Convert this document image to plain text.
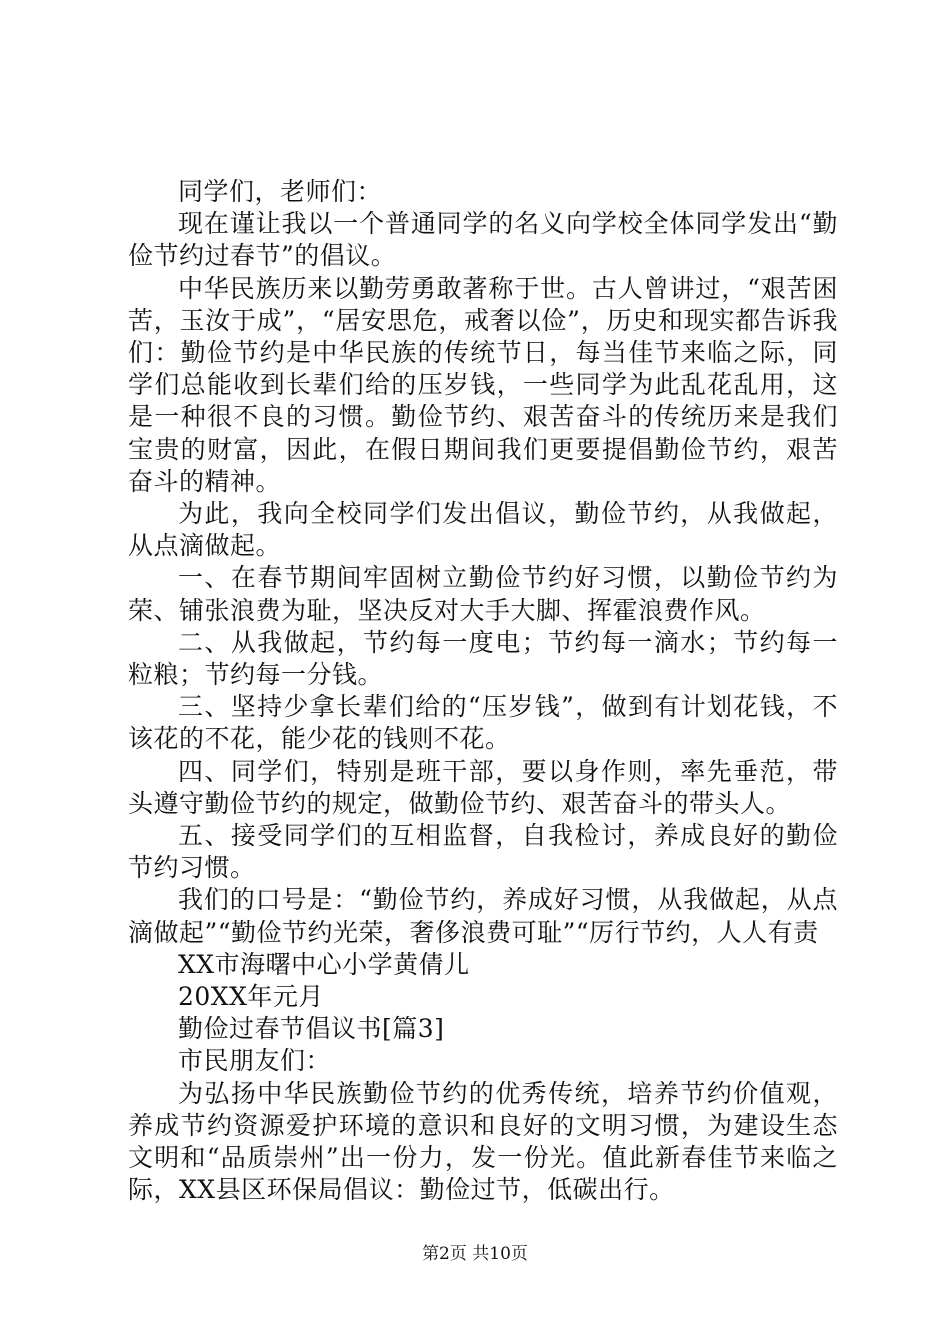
同学们，老师们：

现在谨让我以一个普通同学的名义向学校全体同学发出“勤俭节约过春节”的倡议。

中华民族历来以勤劳勇敢著称于世。古人曾讲过，“艰苦困苦，玉汝于成”，“居安思危，戒奢以俭”，历史和现实都告诉我们：勤俭节约是中华民族的传统节日，每当佳节来临之际，同学们总能收到长辈们给的压岁钱，一些同学为此乱花乱用，这是一种很不良的习惯。勤俭节约、艰苦奋斗的传统历来是我们宝贵的财富，因此，在假日期间我们更要提倡勤俭节约，艰苦奋斗的精神。

为此，我向全校同学们发出倡议，勤俭节约，从我做起，从点滴做起。

一、在春节期间牢固树立勤俭节约好习惯，以勤俭节约为荣、铺张浪费为耻，坚决反对大手大脚、挥霍浪费作风。

二、从我做起，节约每一度电；节约每一滴水；节约每一粒粮；节约每一分钱。

三、坚持少拿长辈们给的“压岁钱”，做到有计划花钱，不该花的不花，能少花的钱则不花。

四、同学们，特别是班干部，要以身作则，率先垂范，带头遵守勤俭节约的规定，做勤俭节约、艰苦奋斗的带头人。

五、接受同学们的互相监督，自我检讨，养成良好的勤俭节约习惯。

我们的口号是：“勤俭节约，养成好习惯，从我做起，从点滴做起”“勤俭节约光荣，奢侈浪费可耻”“厉行节约，人人有责

XX市海曙中心小学黄倩儿

20XX年元月

勤俭过春节倡议书[篇3]

市民朋友们：

为弘扬中华民族勤俭节约的优秀传统，培养节约价值观，养成节约资源爱护环境的意识和良好的文明习惯，为建设生态文明和“品质崇州”出一份力，发一份光。值此新春佳节来临之际，XX县区环保局倡议：勤俭过节，低碳出行。

第2页 共10页
